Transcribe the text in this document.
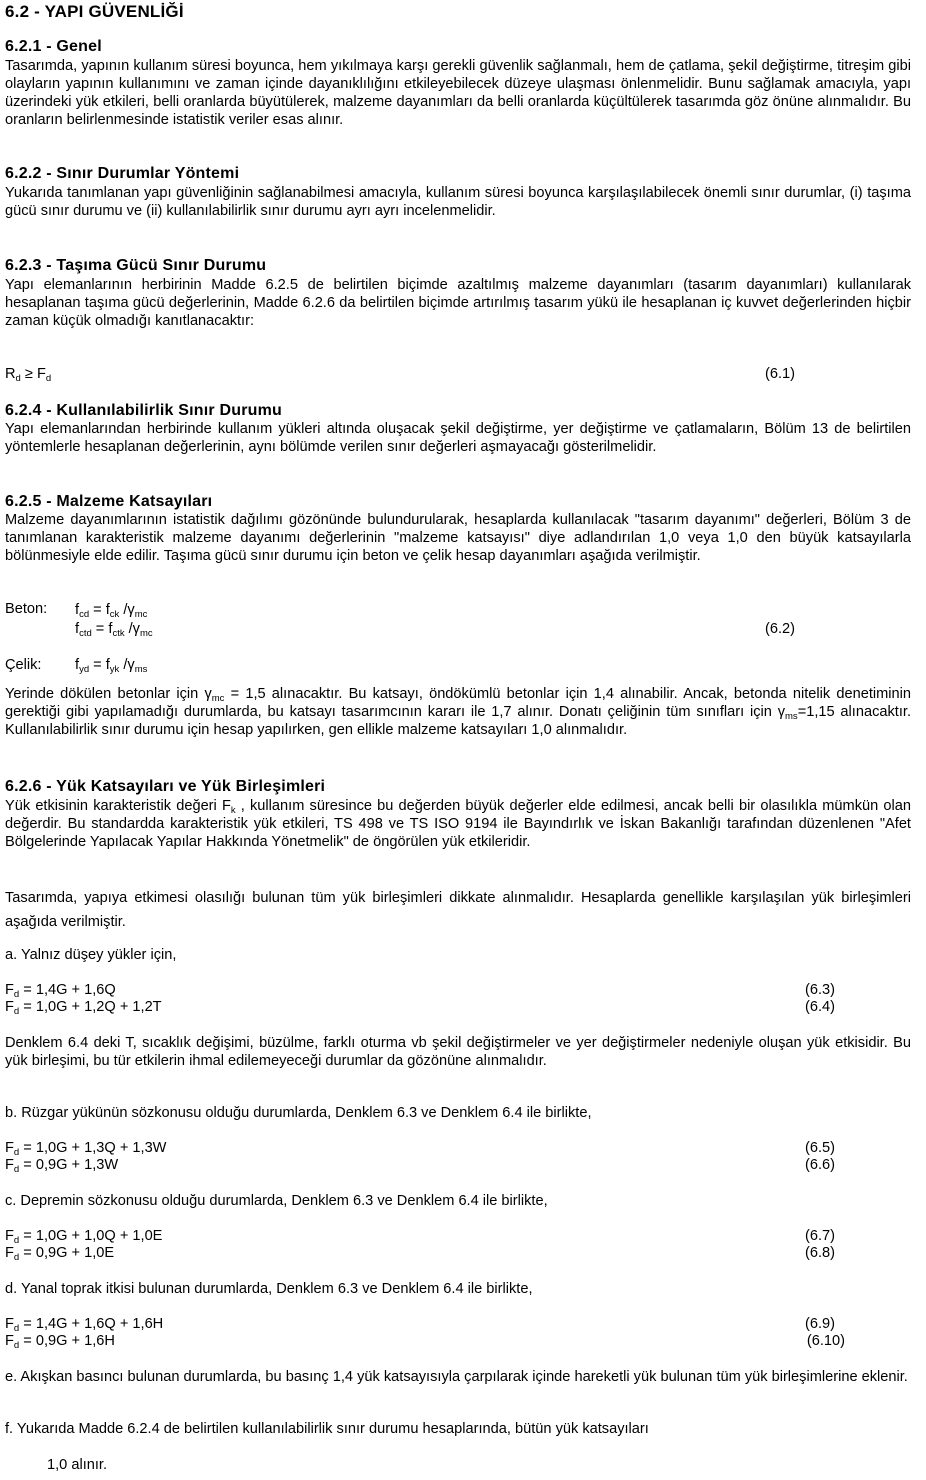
6.2 - YAPI GÜVENLİĞİ
6.2.1 - Genel
Tasarımda, yapının kullanım süresi boyunca, hem yıkılmaya karşı gerekli güvenlik sağlanmalı, hem de çatlama, şekil değiştirme, titreşim gibi olayların yapının kullanımını ve zaman içinde dayanıklılığını etkileyebilecek düzeye ulaşması önlenmelidir. Bunu sağlamak amacıyla, yapı üzerindeki yük etkileri, belli oranlarda büyütülerek, malzeme dayanımları da belli oranlarda küçültülerek tasarımda göz önüne alınmalıdır. Bu oranların belirlenmesinde istatistik veriler esas alınır.
6.2.2 - Sınır Durumlar Yöntemi
Yukarıda tanımlanan yapı güvenliğinin sağlanabilmesi amacıyla, kullanım süresi boyunca karşılaşılabilecek önemli sınır durumlar, (i) taşıma gücü sınır durumu ve (ii) kullanılabilirlik sınır durumu ayrı ayrı incelenmelidir.
6.2.3 - Taşıma Gücü Sınır Durumu
Yapı elemanlarının herbirinin Madde 6.2.5 de belirtilen biçimde azaltılmış malzeme dayanımları (tasarım dayanımları) kullanılarak hesaplanan taşıma gücü değerlerinin, Madde 6.2.6 da belirtilen biçimde artırılmış tasarım yükü ile hesaplanan iç kuvvet değerlerinden hiçbir zaman küçük olmadığı kanıtlanacaktır:
$R_d \ge F_d$	(6.1)
6.2.4 - Kullanılabilirlik Sınır Durumu
Yapı elemanlarından herbirinde kullanım yükleri altında oluşacak şekil değiştirme, yer değiştirme ve çatlamaların, Bölüm 13 de belirtilen yöntemlerle hesaplanan değerlerinin, aynı bölümde verilen sınır değerleri aşmayacağı gösterilmelidir.
6.2.5 - Malzeme Katsayıları
Malzeme dayanımlarının istatistik dağılımı gözönünde bulundurularak, hesaplarda kullanılacak "tasarım dayanımı" değerleri, Bölüm 3 de tanımlanan karakteristik malzeme dayanımı değerlerinin "malzeme katsayısı" diye adlandırılan 1,0 veya 1,0 den büyük katsayılarla bölünmesiyle elde edilir. Taşıma gücü sınır durumu için beton ve çelik hesap dayanımları aşağıda verilmiştir.
Beton: $f_{cd} = f_{ck}$ $/\gamma_{mc}$
$f_{ctd} = f_{ctk}$ $/\gamma_{mc}$	(6.2)
Çelik: $f_{yd} = f_{yk}$ $/\gamma_{ms}$
Yerinde dökülen betonlar için $\gamma_{mc} = 1,5$ alınacaktır. Bu katsayı, öndökümlü betonlar için 1,4 alınabilir. Ancak, betonda nitelik denetiminin gerektiği gibi yapılamadığı durumlarda, bu katsayı tasarımcının kararı ile 1,7 alınır. Donatı çeliğinin tüm sınıfları için $\gamma_{ms}=1,15$ alınacaktır. Kullanılabilirlik sınır durumu için hesap yapılırken, gen ellikle malzeme katsayıları 1,0 alınmalıdır.
6.2.6 - Yük Katsayıları ve Yük Birleşimleri
Yük etkisinin karakteristik değeri $F_k$ , kullanım süresince bu değerden büyük değerler elde edilmesi, ancak belli bir olasılıkla mümkün olan değerdir. Bu standardda karakteristik yük etkileri, TS 498 ve TS ISO 9194 ile Bayındırlık ve İskan Bakanlığı tarafından düzenlenen "Afet Bölgelerinde Yapılacak Yapılar Hakkında Yönetmelik" de öngörülen yük etkileridir.
Tasarımda, yapıya etkimesi olasılığı bulunan tüm yük birleşimleri dikkate alınmalıdır. Hesaplarda genellikle karşılaşılan yük birleşimleri aşağıda verilmiştir.
a. Yalnız düşey yükler için,
$F_d = 1,4G + 1,6Q$	(6.3)
$F_d = 1,0G + 1,2Q + 1,2T$	(6.4)
Denklem 6.4 deki T, sıcaklık değişimi, büzülme, farklı oturma vb şekil değiştirmeler ve yer değiştirmeler nedeniyle oluşan yük etkisidir. Bu yük birleşimi, bu tür etkilerin ihmal edilemeyeceği durumlar da gözönüne alınmalıdır.
b. Rüzgar yükünün sözkonusu olduğu durumlarda, Denklem 6.3 ve Denklem 6.4 ile birlikte,
$F_d = 1,0G + 1,3Q + 1,3W$	(6.5)
$F_d = 0,9G + 1,3W$	(6.6)
c. Depremin sözkonusu olduğu durumlarda, Denklem 6.3 ve Denklem 6.4 ile birlikte,
$F_d = 1,0G + 1,0Q + 1,0E$	(6.7)
$F_d = 0,9G + 1,0E$	(6.8)
d. Yanal toprak itkisi bulunan durumlarda, Denklem 6.3 ve Denklem 6.4 ile birlikte,
$F_d = 1,4G + 1,6Q + 1,6H$	(6.9)
$F_d = 0,9G + 1,6H$	(6.10)
e. Akışkan basıncı bulunan durumlarda, bu basınç 1,4 yük katsayısıyla çarpılarak içinde hareketli yük bulunan tüm yük birleşimlerine eklenir.
f. Yukarıda Madde 6.2.4 de belirtilen kullanılabilirlik sınır durumu hesaplarında, bütün yük katsayıları
1,0 alınır.
